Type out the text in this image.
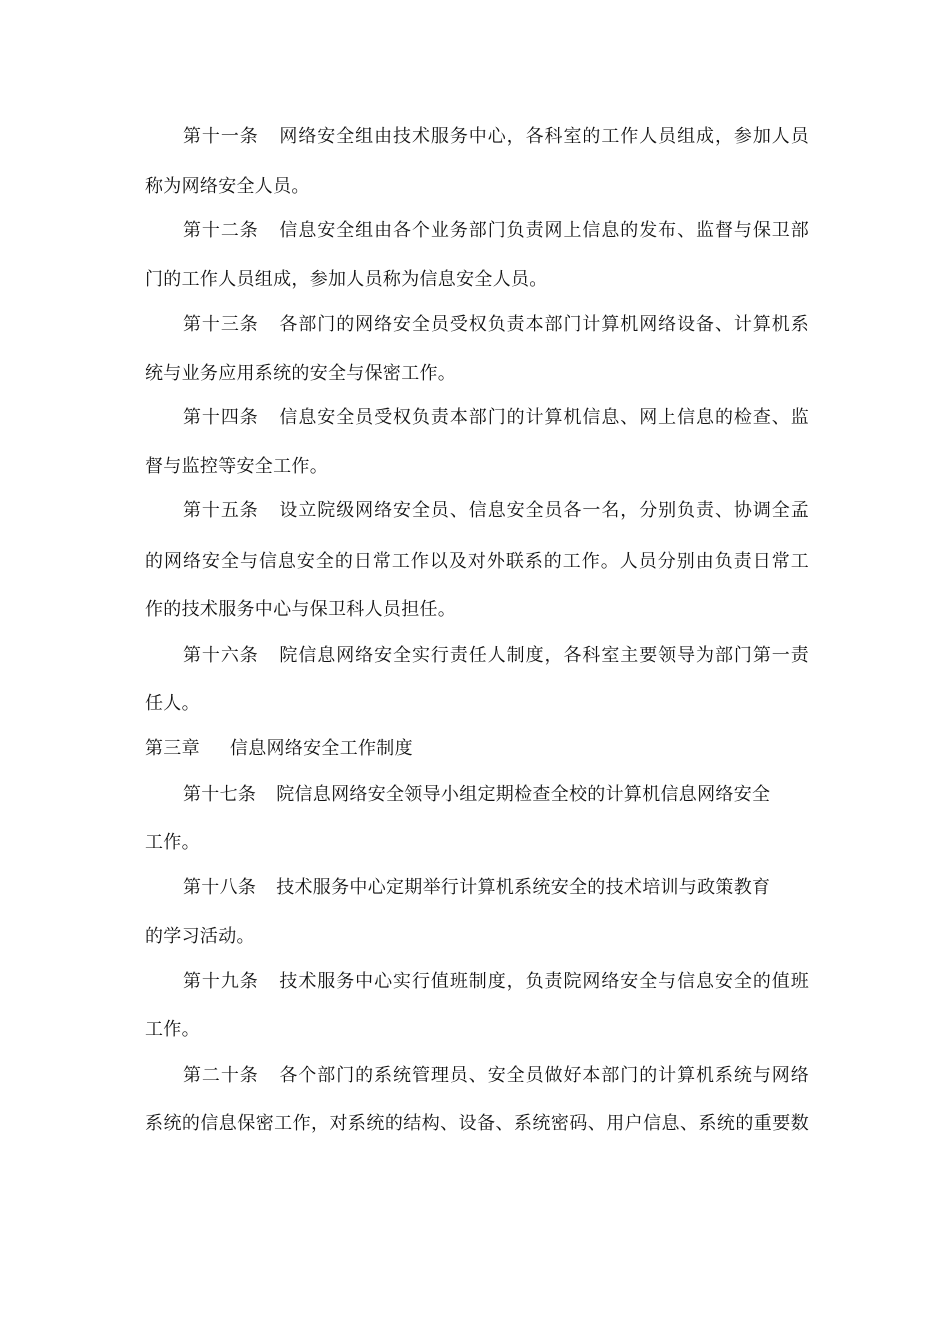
第十一条 网络安全组由技术服务中心，各科室的工作人员组成，参加人员
称为网络安全人员。
第十二条 信息安全组由各个业务部门负责网上信息的发布、监督与保卫部
门的工作人员组成，参加人员称为信息安全人员。
第十三条 各部门的网络安全员受权负责本部门计算机网络设备、计算机系
统与业务应用系统的安全与保密工作。
第十四条 信息安全员受权负责本部门的计算机信息、网上信息的检查、监
督与监控等安全工作。
第十五条 设立院级网络安全员、信息安全员各一名，分别负责、协调全孟
的网络安全与信息安全的日常工作以及对外联系的工作。人员分别由负责日常工
作的技术服务中心与保卫科人员担任。
第十六条 院信息网络安全实行责任人制度，各科室主要领导为部门第一责
任人。
第三章 信息网络安全工作制度
第十七条 院信息网络安全领导小组定期检查全校的计算机信息网络安全
工作。
第十八条 技术服务中心定期举行计算机系统安全的技术培训与政策教育
的学习活动。
第十九条 技术服务中心实行值班制度，负责院网络安全与信息安全的值班
工作。
第二十条 各个部门的系统管理员、安全员做好本部门的计算机系统与网络
系统的信息保密工作，对系统的结构、设备、系统密码、用户信息、系统的重要数
